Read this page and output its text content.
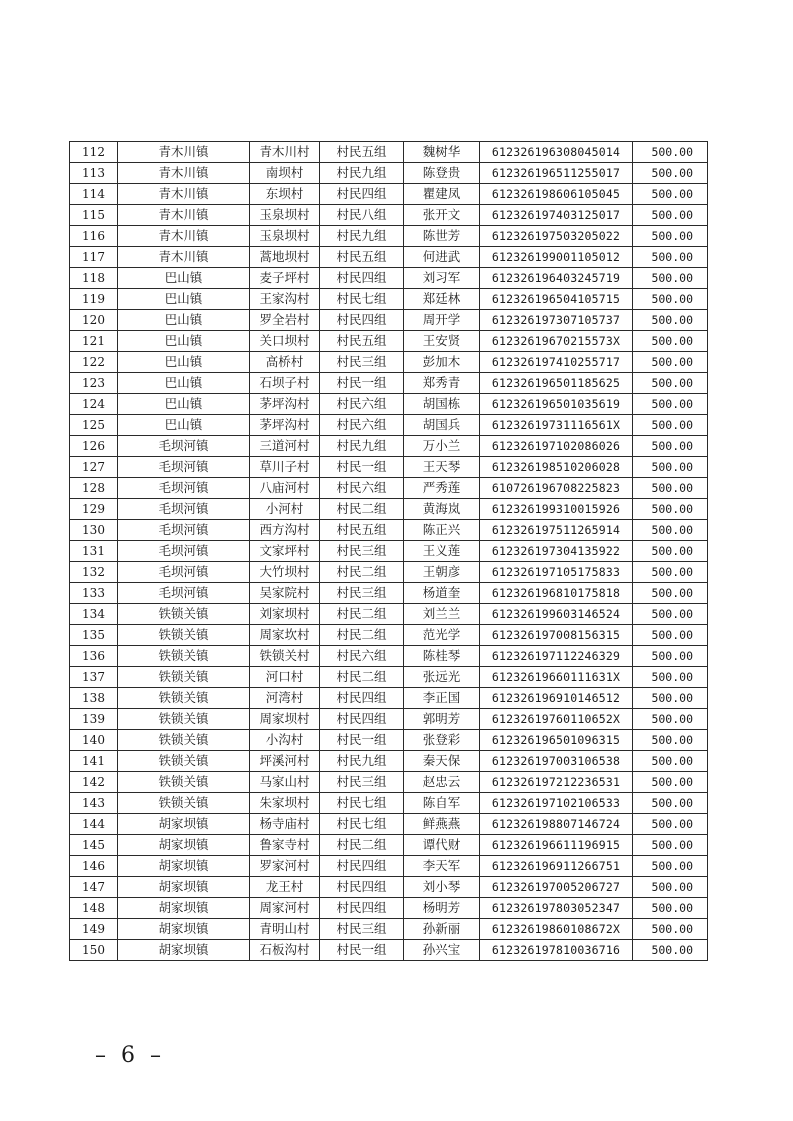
112	青木川镇	青木川村	村民五组	魏树华	612326196308045014	500.00
113	青木川镇	南坝村	村民九组	陈登贵	612326196511255017	500.00
114	青木川镇	东坝村	村民四组	瞿建凤	612326198606105045	500.00
115	青木川镇	玉泉坝村	村民八组	张开文	612326197403125017	500.00
116	青木川镇	玉泉坝村	村民九组	陈世芳	612326197503205022	500.00
117	青木川镇	蒿地坝村	村民五组	何进武	612326199001105012	500.00
118	巴山镇	麦子坪村	村民四组	刘习军	612326196403245719	500.00
119	巴山镇	王家沟村	村民七组	郑廷林	612326196504105715	500.00
120	巴山镇	罗全岩村	村民四组	周开学	612326197307105737	500.00
121	巴山镇	关口坝村	村民五组	王安贤	61232619670215573X	500.00
122	巴山镇	高桥村	村民三组	彭加木	612326197410255717	500.00
123	巴山镇	石坝子村	村民一组	郑秀青	612326196501185625	500.00
124	巴山镇	茅坪沟村	村民六组	胡国栋	612326196501035619	500.00
125	巴山镇	茅坪沟村	村民六组	胡国兵	61232619731116561X	500.00
126	毛坝河镇	三道河村	村民九组	万小兰	612326197102086026	500.00
127	毛坝河镇	草川子村	村民一组	王天琴	612326198510206028	500.00
128	毛坝河镇	八庙河村	村民六组	严秀莲	610726196708225823	500.00
129	毛坝河镇	小河村	村民二组	黄海岚	612326199310015926	500.00
130	毛坝河镇	西方沟村	村民五组	陈正兴	612326197511265914	500.00
131	毛坝河镇	文家坪村	村民三组	王义莲	612326197304135922	500.00
132	毛坝河镇	大竹坝村	村民二组	王朝彦	612326197105175833	500.00
133	毛坝河镇	吴家院村	村民三组	杨道奎	612326196810175818	500.00
134	铁锁关镇	刘家坝村	村民二组	刘兰兰	612326199603146524	500.00
135	铁锁关镇	周家坎村	村民二组	范光学	612326197008156315	500.00
136	铁锁关镇	铁锁关村	村民六组	陈桂琴	612326197112246329	500.00
137	铁锁关镇	河口村	村民二组	张远光	61232619660111631X	500.00
138	铁锁关镇	河湾村	村民四组	李正国	612326196910146512	500.00
139	铁锁关镇	周家坝村	村民四组	郭明芳	61232619760110652X	500.00
140	铁锁关镇	小沟村	村民一组	张登彩	612326196501096315	500.00
141	铁锁关镇	坪溪河村	村民九组	秦天保	612326197003106538	500.00
142	铁锁关镇	马家山村	村民三组	赵忠云	612326197212236531	500.00
143	铁锁关镇	朱家坝村	村民七组	陈自军	612326197102106533	500.00
144	胡家坝镇	杨寺庙村	村民七组	鲜燕燕	612326198807146724	500.00
145	胡家坝镇	鲁家寺村	村民二组	谭代财	612326196611196915	500.00
146	胡家坝镇	罗家河村	村民四组	李天军	612326196911266751	500.00
147	胡家坝镇	龙王村	村民四组	刘小琴	612326197005206727	500.00
148	胡家坝镇	周家河村	村民四组	杨明芳	612326197803052347	500.00
149	胡家坝镇	青明山村	村民三组	孙新丽	61232619860108672X	500.00
150	胡家坝镇	石板沟村	村民一组	孙兴宝	612326197810036716	500.00
– 6 –
